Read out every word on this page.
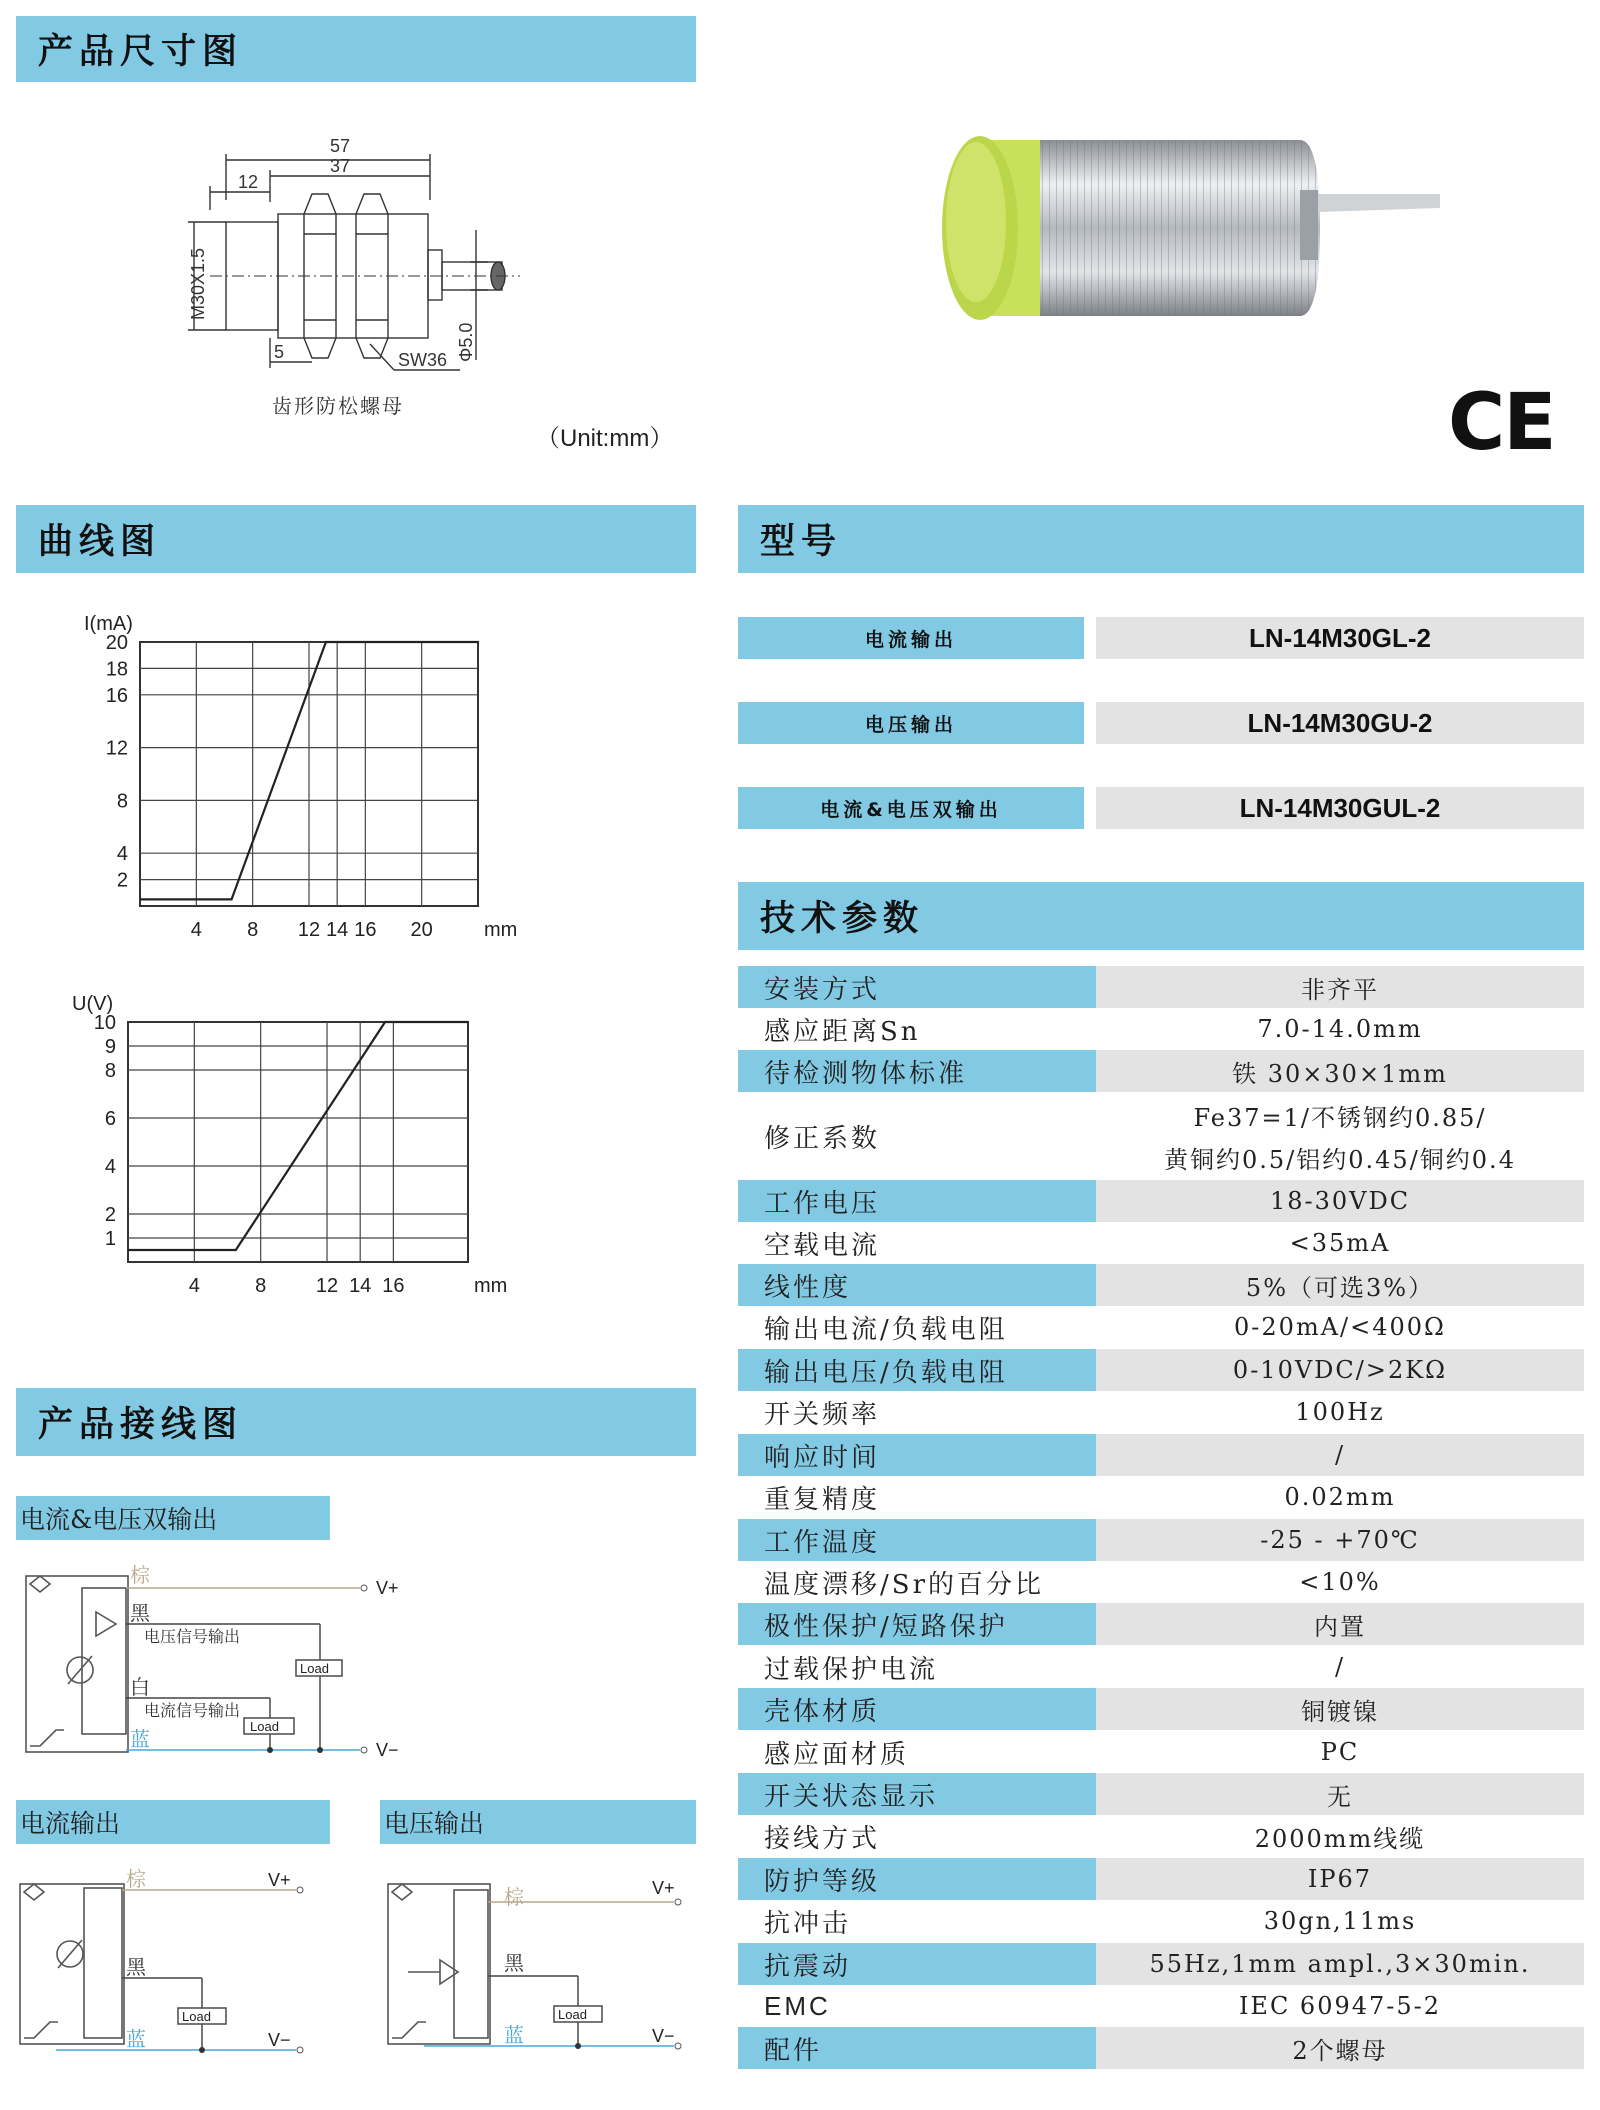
产品尺寸图
曲线图	型号
技术参数
产品接线图
57
37
12
5	SW36
M30X1.5
Φ5.0
齿形防松螺母
（Unit:mm）	CE
20
18
16
12
8
4
2
4 8 12 14 16 20
I(mA)
mm
10
9
8
6
4
2
1
4	8 12 14 16
U(V)
mm
电流&电压双输出
电流输出	电压输出
棕
黑
白
蓝
电压信号输出
电流信号输出
Load
Load
V+
V−
棕
黑
蓝
Load
V+
V−
棕
黑
蓝
Load
V+
V−
电流输出	LN-14M30GL-2
电压输出	LN-14M30GU-2
电流&电压双输出	LN-14M30GUL-2
安装方式	非齐平
感应距离Sn	7.0-14.0mm
待检测物体标准	铁 30×30×1mm
修正系数
Fe37=1/不锈钢约0.85/
黄铜约0.5/铝约0.45/铜约0.4
工作电压	18-30VDC
空载电流	<35mA
线性度	5%（可选3%）
输出电流/负载电阻	0-20mA/<400Ω
输出电压/负载电阻	0-10VDC/>2KΩ
开关频率	100Hz
响应时间	/
重复精度	0.02mm
工作温度	-25 - +70℃
温度漂移/Sr的百分比	<10%
极性保护/短路保护	内置
过载保护电流	/
壳体材质	铜镀镍
感应面材质	PC
开关状态显示	无
接线方式	2000mm线缆
防护等级	IP67
抗冲击	30gn,11ms
抗震动	55Hz,1mm ampl.,3×30min.
EMC	IEC 60947-5-2
配件	2个螺母
